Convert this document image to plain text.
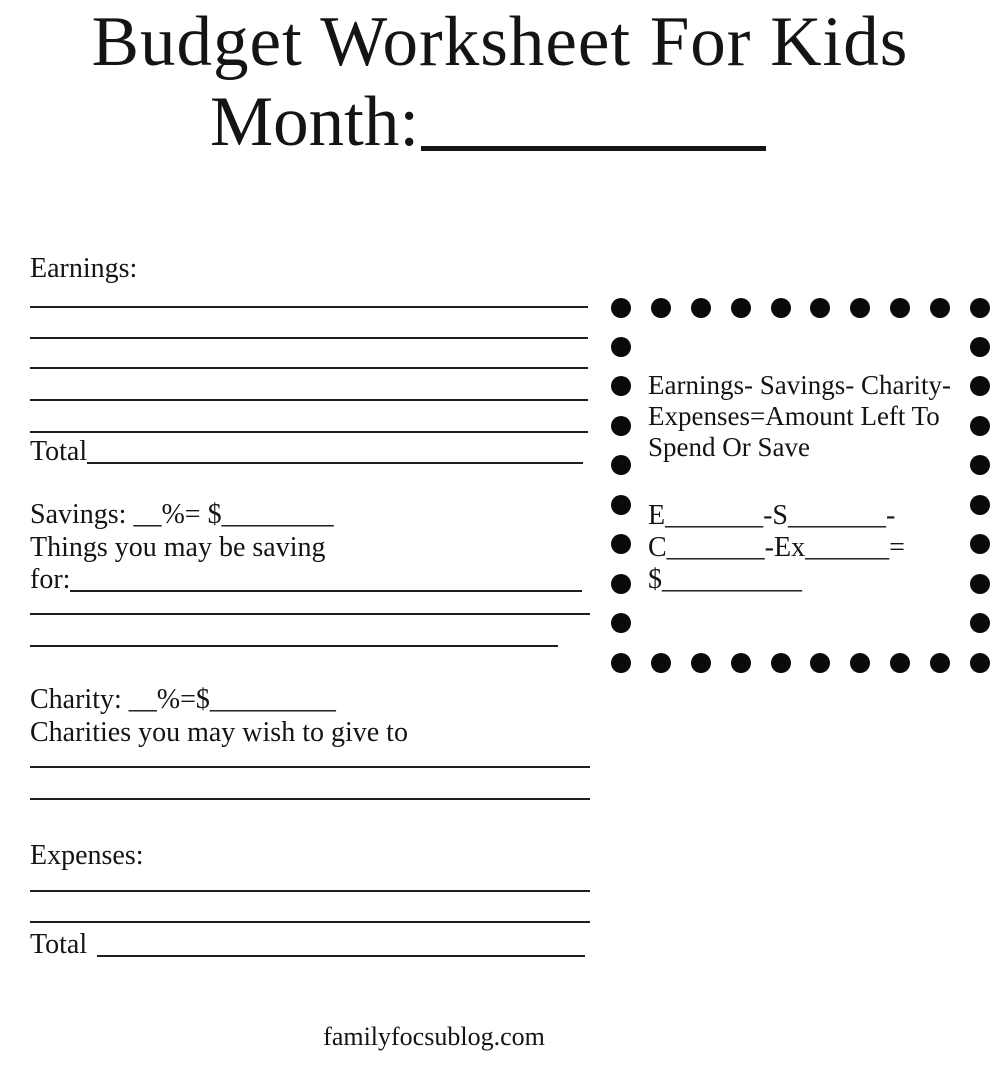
Budget Worksheet For Kids
Month:

Earnings:

Total

Savings: __%= $________

Things you may be saving

for:

Charity: __%=$_________

Charities you may wish to give to

Expenses:

Total

Earnings- Savings- Charity-
Expenses=Amount Left To
Spend Or Save

E_______-S_______-
C_______-Ex______=
$__________

familyfocsublog.com
